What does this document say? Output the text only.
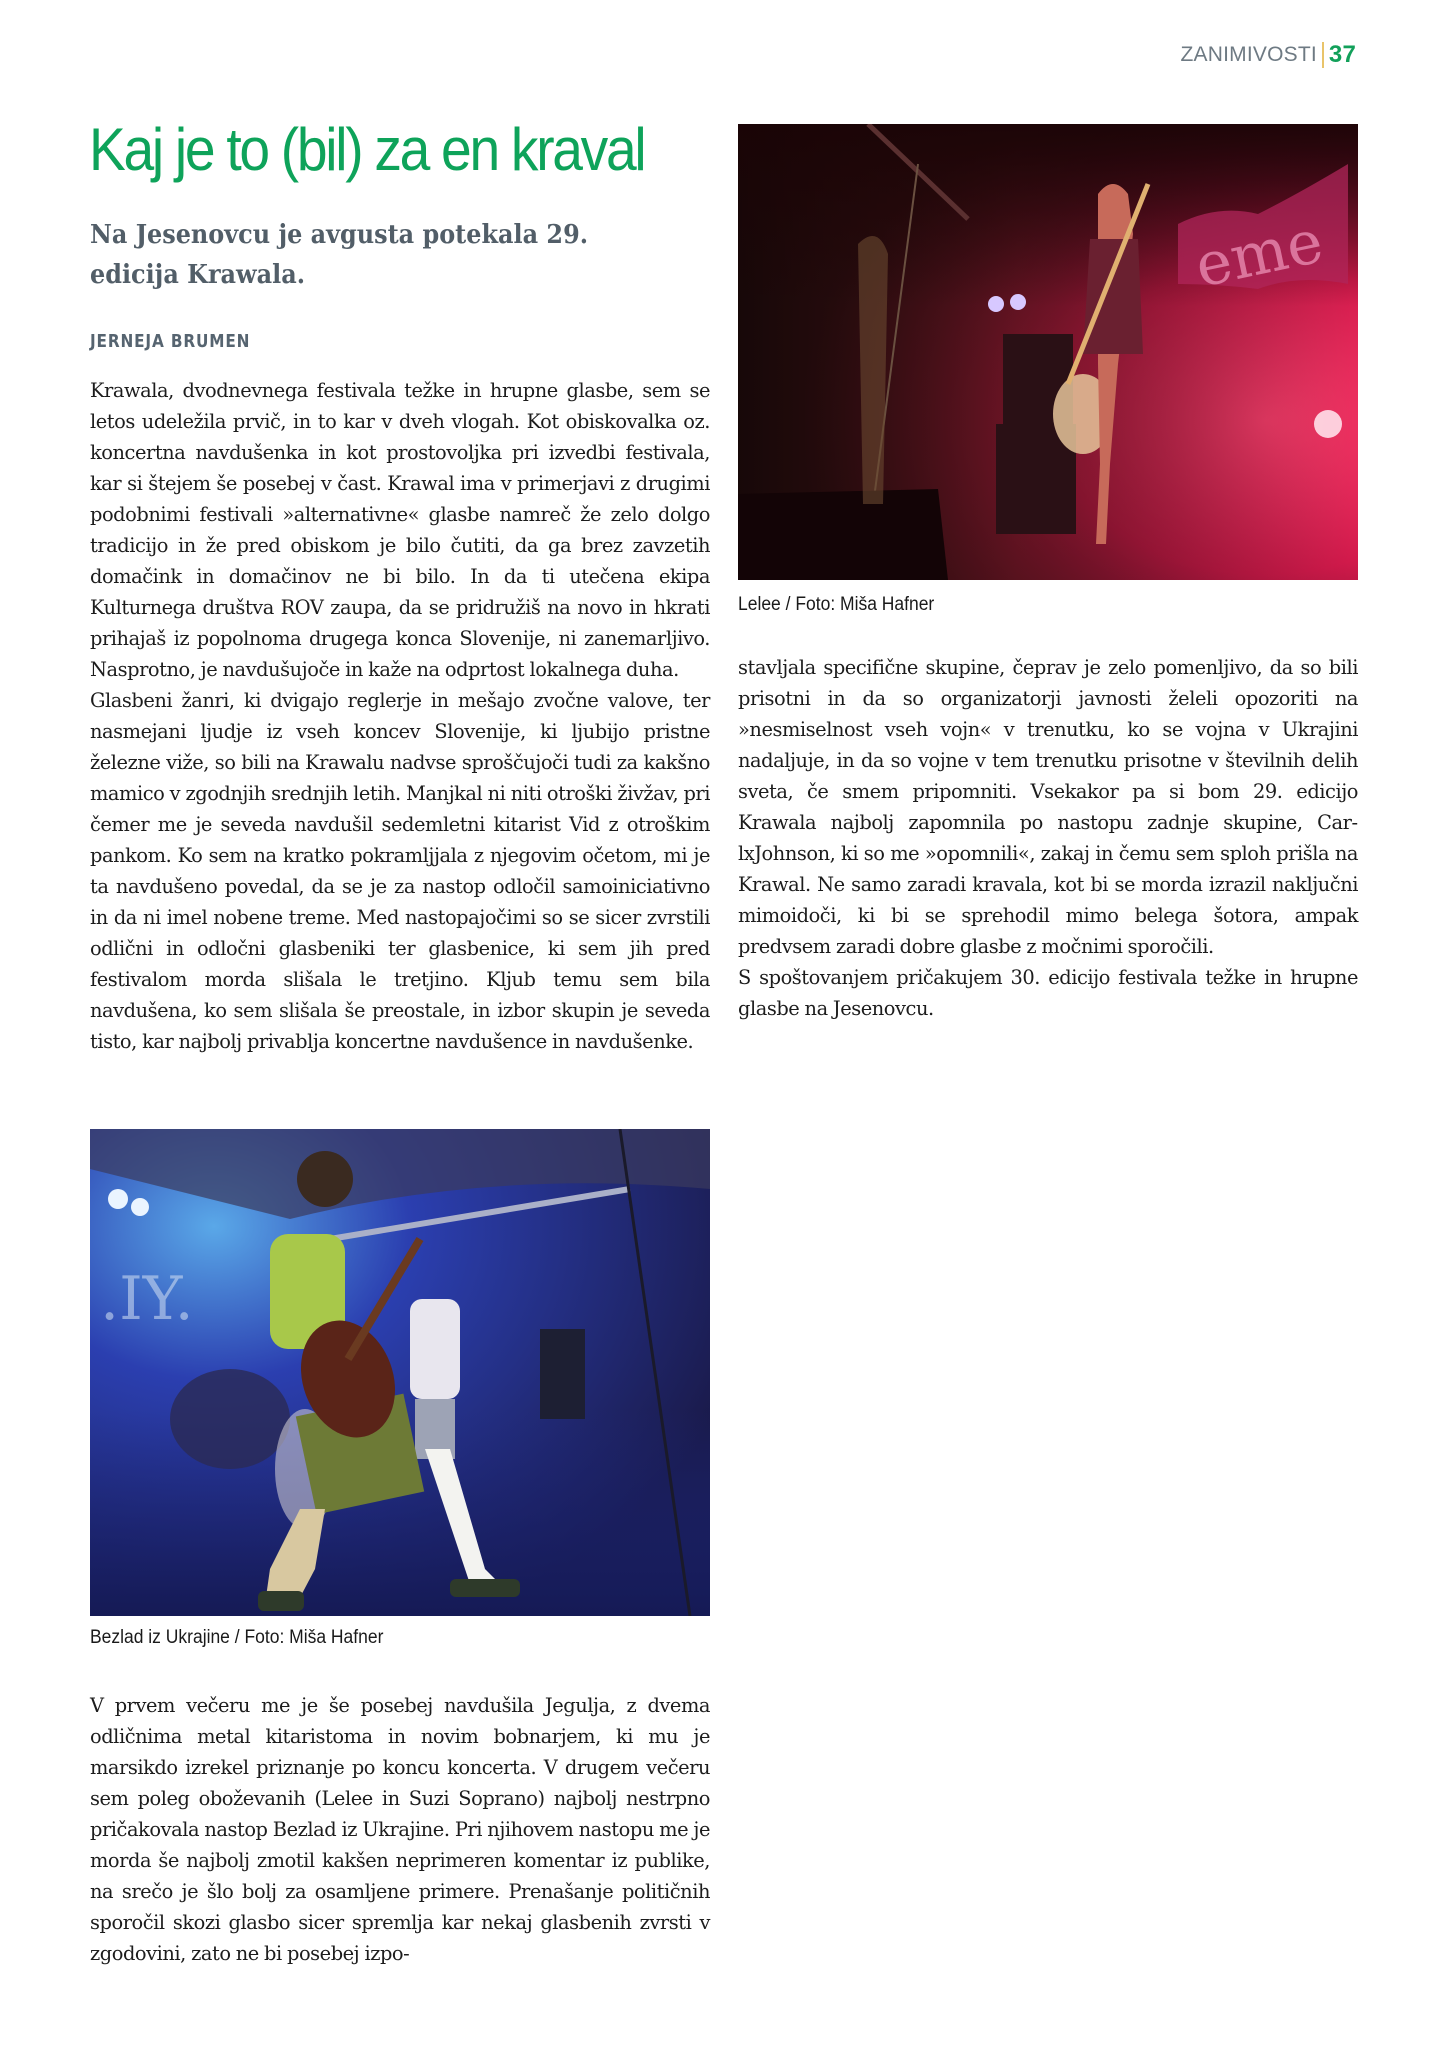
ZANIMIVOSTI 37
Kaj je to (bil) za en kraval

Na Jesenovcu je avgusta potekala 29. edicija Krawala.

JERNEJA BRUMEN

Krawala, dvodnevnega festivala težke in hrupne glasbe, sem se letos udeležila prvič, in to kar v dveh vlogah. Kot obiskovalka oz. koncertna navdušenka in kot prostovoljka pri izvedbi festivala, kar si štejem še posebej v čast. Krawal ima v primerjavi z drugimi podobnimi festivali »alternativne« glasbe namreč že zelo dolgo tradicijo in že pred obiskom je bilo čutiti, da ga brez zavzetih domačink in domačinov ne bi bilo. In da ti utečena ekipa Kulturnega društva ROV zaupa, da se pridružiš na novo in hkrati prihajaš iz popolnoma drugega konca Slovenije, ni zanemarljivo. Nasprotno, je navdušujoče in kaže na odprtost lokalnega duha.

Glasbeni žanri, ki dvigajo reglerje in mešajo zvočne valove, ter nasmejani ljudje iz vseh koncev Slovenije, ki ljubijo pristne železne viže, so bili na Krawalu nadvse sproščujoči tudi za kakšno mamico v zgodnjih srednjih letih. Manjkal ni niti otroški živžav, pri čemer me je seveda navdušil sedemletni kitarist Vid z otroškim pankom. Ko sem na kratko pokramljjala z njegovim očetom, mi je ta navdušeno povedal, da se je za nastop odločil samoiniciativno in da ni imel nobene treme. Med nastopajočimi so se sicer zvrstili odlični in odločni glasbeniki ter glasbenice, ki sem jih pred festivalom morda slišala le tretjino. Kljub temu sem bila navdušena, ko sem slišala še preostale, in izbor skupin je seveda tisto, kar najbolj privablja koncertne navdušence in navdušenke.

eme
Lelee / Foto: Miša Hafner

stavljala specifične skupine, čeprav je zelo pomenljivo, da so bili prisotni in da so organizatorji javnosti želeli opozoriti na »nesmiselnost vseh vojn« v trenutku, ko se vojna v Ukrajini nadaljuje, in da so vojne v tem trenutku prisotne v številnih delih sveta, če smem pripomniti. Vsekakor pa si bom 29. edicijo Krawala najbolj zapomnila po nastopu zadnje skupine, CarlxJohnson, ki so me »opomnili«, zakaj in čemu sem sploh prišla na Krawal. Ne samo zaradi kravala, kot bi se morda izrazil naključni mimoidoči, ki bi se sprehodil mimo belega šotora, ampak predvsem zaradi dobre glasbe z močnimi sporočili.

S spoštovanjem pričakujem 30. edicijo festivala težke in hrupne glasbe na Jesenovcu.

.IY.
Bezlad iz Ukrajine / Foto: Miša Hafner

V prvem večeru me je še posebej navdušila Jegulja, z dvema odličnima metal kitaristoma in novim bobnarjem, ki mu je marsikdo izrekel priznanje po koncu koncerta. V drugem večeru sem poleg oboževanih (Lelee in Suzi Soprano) najbolj nestrpno pričakovala nastop Bezlad iz Ukrajine. Pri njihovem nastopu me je morda še najbolj zmotil kakšen neprimeren komentar iz publike, na srečo je šlo bolj za osamljene primere. Prenašanje političnih sporočil skozi glasbo sicer spremlja kar nekaj glasbenih zvrsti v zgodovini, zato ne bi posebej izpo-
